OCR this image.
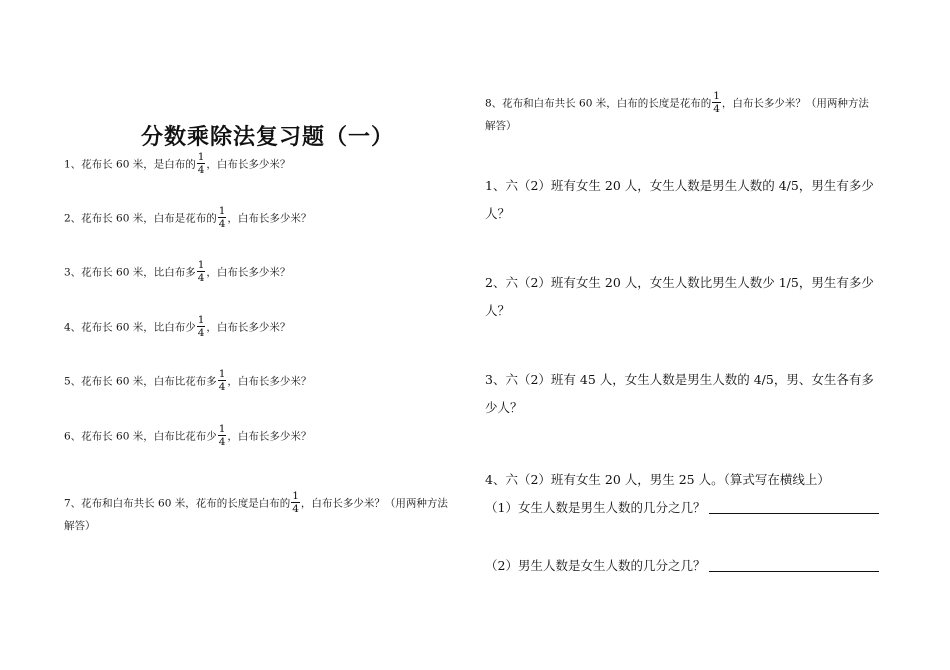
分数乘除法复习题（一）
1、花布长 60 米，是白布的 $\frac{1}{4}$ ，白布长多少米？
2、花布长 60 米，白布是花布的 $\frac{1}{4}$ ，白布长多少米？
3、花布长 60 米，比白布多 $\frac{1}{4}$ ，白布长多少米？
4、花布长 60 米，比白布少 $\frac{1}{4}$ ，白布长多少米？
5、花布长 60 米，白布比花布多 $\frac{1}{4}$ ，白布长多少米？
6、花布长 60 米，白布比花布少 $\frac{1}{4}$ ，白布长多少米？
7、花布和白布共长 60 米，花布的长度是白布的 $\frac{1}{4}$ ，白布长多少米？（用两种方法
解答）
8、花布和白布共长 60 米，白布的长度是花布的 $\frac{1}{4}$ ，白布长多少米？（用两种方法
解答）
1、六（2）班有女生 20 人，女生人数是男生人数的 4/5，男生有多少
人？
2、六（2）班有女生 20 人，女生人数比男生人数少 1/5，男生有多少
人？
3、六（2）班有 45 人，女生人数是男生人数的 4/5，男、女生各有多
少人？
4、六（2）班有女生 20 人，男生 25 人。（算式写在横线上）
（1）女生人数是男生人数的几分之几？
（2）男生人数是女生人数的几分之几？
